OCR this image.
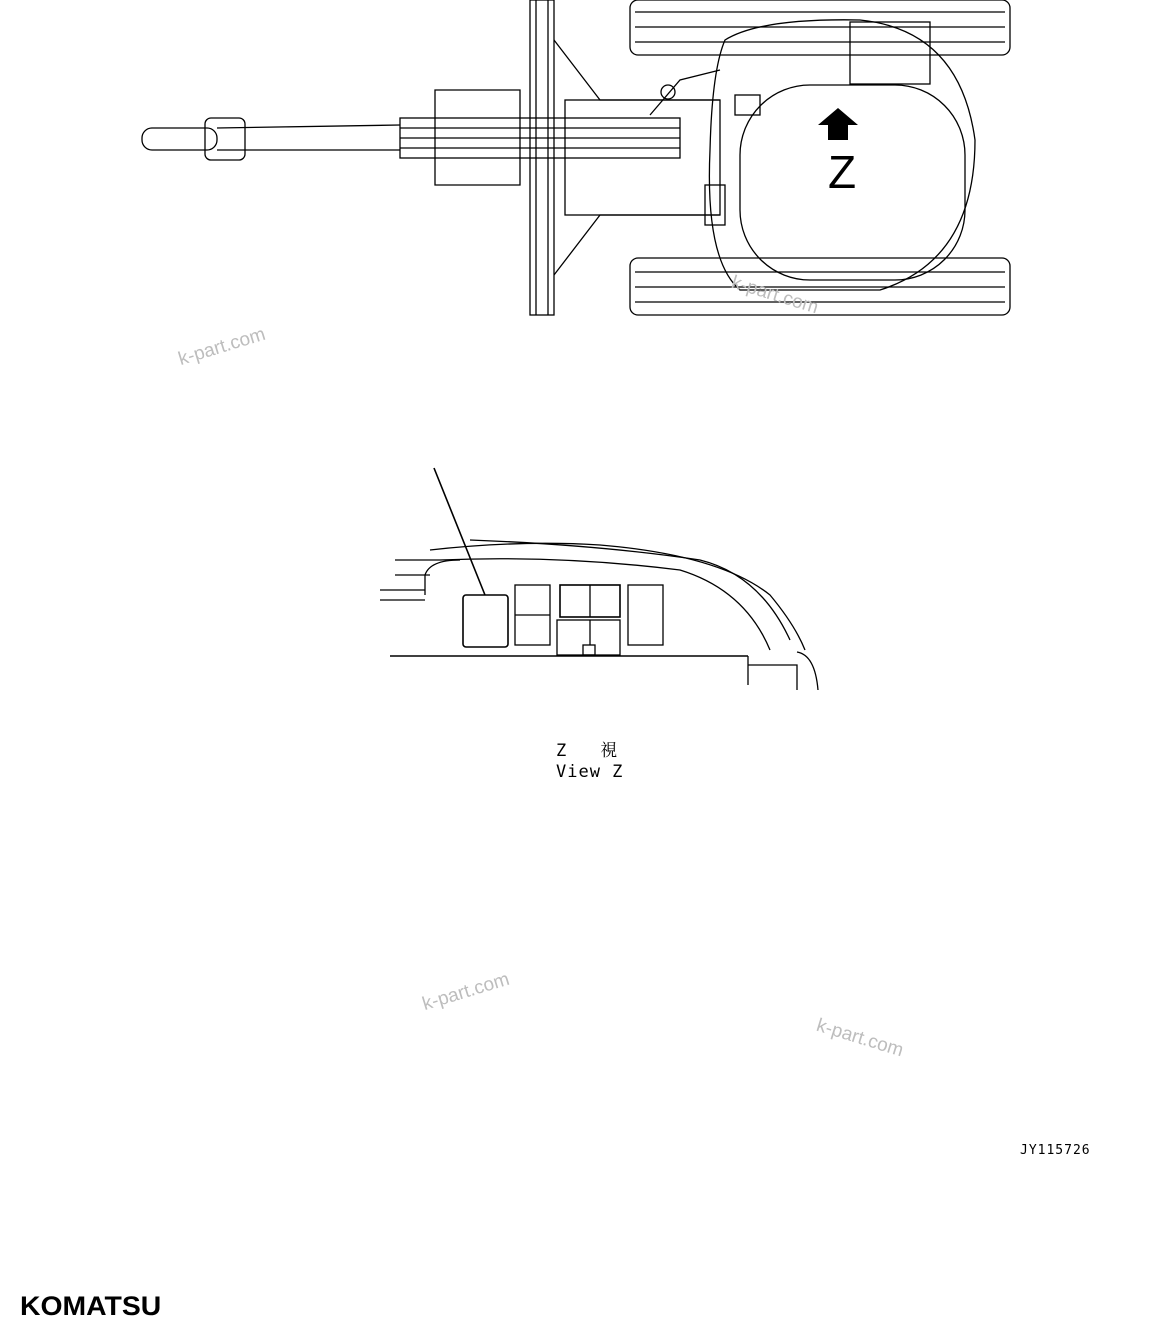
Z
Z　　視
View Z
JY115726
k-part.com
k-part.com
k-part.com
k-part.com
KOMATSU
